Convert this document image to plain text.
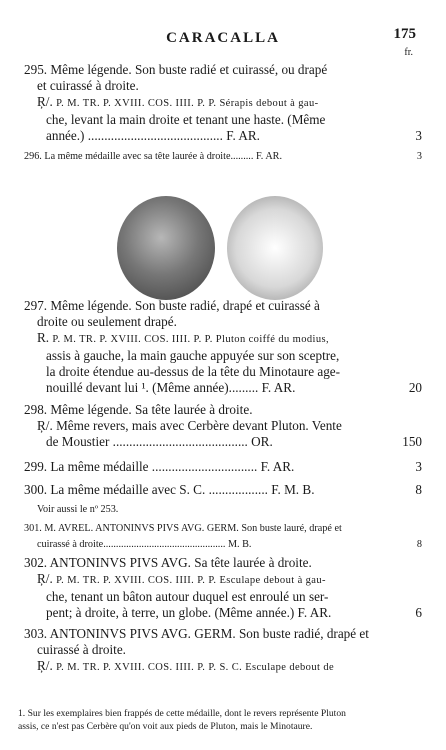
CARACALLA	175
fr.
295. Même légende. Son buste radié et cuirassé, ou drapé
et cuirassé à droite.
Ŗ/. P. M. TR. P. XVIII. COS. IIII. P. P. Sérapis debout à gau-
che, levant la main droite et tenant une haste. (Même
année.) ......................................... F. AR.	3
296. La même médaille avec sa tête laurée à droite......... F. AR.	3
297. Même légende. Son buste radié, drapé et cuirassé à
droite ou seulement drapé.
R. P. M. TR. P. XVIII. COS. IIII. P. P. Pluton coiffé du modius,
assis à gauche, la main gauche appuyée sur son sceptre,
la droite étendue au-dessus de la tête du Minotaure age-
nouillé devant lui ¹. (Même année)......... F. AR.	20
298. Même légende. Sa tête laurée à droite.
Ŗ/. Même revers, mais avec Cerbère devant Pluton. Vente
de Moustier ......................................... OR.	150
299. La même médaille ................................ F. AR.	3
300. La même médaille avec S. C. .................. F. M. B.	8
Voir aussi le nº 253.
301. M. AVREL. ANTONINVS PIVS AVG. GERM. Son buste lauré, drapé et
cuirassé à droite................................................ M. B.	8
302. ANTONINVS PIVS AVG. Sa tête laurée à droite.
Ŗ/. P. M. TR. P. XVIII. COS. IIII. P. P. Esculape debout à gau-
che, tenant un bâton autour duquel est enroulé un ser-
pent; à droite, à terre, un globe. (Même année.) F. AR.	6
303. ANTONINVS PIVS AVG. GERM. Son buste radié, drapé et
cuirassé à droite.
Ŗ/. P. M. TR. P. XVIII. COS. IIII. P. P. S. C. Esculape debout de
1. Sur les exemplaires bien frappés de cette médaille, dont le revers représente Pluton
assis, ce n'est pas Cerbère qu'on voit aux pieds de Pluton, mais le Minotaure.
